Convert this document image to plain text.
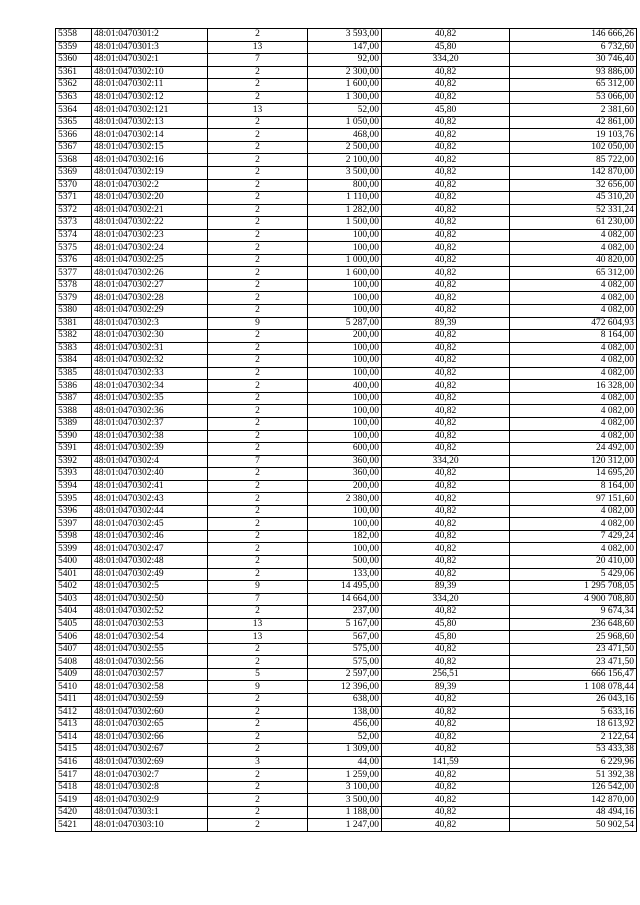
5358	48:01:0470301:2	2	3 593,00	40,82	146 666,26
5359	48:01:0470301:3	13	147,00	45,80	6 732,60
5360	48:01:0470302:1	7	92,00	334,20	30 746,40
5361	48:01:0470302:10	2	2 300,00	40,82	93 886,00
5362	48:01:0470302:11	2	1 600,00	40,82	65 312,00
5363	48:01:0470302:12	2	1 300,00	40,82	53 066,00
5364	48:01:0470302:121	13	52,00	45,80	2 381,60
5365	48:01:0470302:13	2	1 050,00	40,82	42 861,00
5366	48:01:0470302:14	2	468,00	40,82	19 103,76
5367	48:01:0470302:15	2	2 500,00	40,82	102 050,00
5368	48:01:0470302:16	2	2 100,00	40,82	85 722,00
5369	48:01:0470302:19	2	3 500,00	40,82	142 870,00
5370	48:01:0470302:2	2	800,00	40,82	32 656,00
5371	48:01:0470302:20	2	1 110,00	40,82	45 310,20
5372	48:01:0470302:21	2	1 282,00	40,82	52 331,24
5373	48:01:0470302:22	2	1 500,00	40,82	61 230,00
5374	48:01:0470302:23	2	100,00	40,82	4 082,00
5375	48:01:0470302:24	2	100,00	40,82	4 082,00
5376	48:01:0470302:25	2	1 000,00	40,82	40 820,00
5377	48:01:0470302:26	2	1 600,00	40,82	65 312,00
5378	48:01:0470302:27	2	100,00	40,82	4 082,00
5379	48:01:0470302:28	2	100,00	40,82	4 082,00
5380	48:01:0470302:29	2	100,00	40,82	4 082,00
5381	48:01:0470302:3	9	5 287,00	89,39	472 604,93
5382	48:01:0470302:30	2	200,00	40,82	8 164,00
5383	48:01:0470302:31	2	100,00	40,82	4 082,00
5384	48:01:0470302:32	2	100,00	40,82	4 082,00
5385	48:01:0470302:33	2	100,00	40,82	4 082,00
5386	48:01:0470302:34	2	400,00	40,82	16 328,00
5387	48:01:0470302:35	2	100,00	40,82	4 082,00
5388	48:01:0470302:36	2	100,00	40,82	4 082,00
5389	48:01:0470302:37	2	100,00	40,82	4 082,00
5390	48:01:0470302:38	2	100,00	40,82	4 082,00
5391	48:01:0470302:39	2	600,00	40,82	24 492,00
5392	48:01:0470302:4	7	360,00	334,20	120 312,00
5393	48:01:0470302:40	2	360,00	40,82	14 695,20
5394	48:01:0470302:41	2	200,00	40,82	8 164,00
5395	48:01:0470302:43	2	2 380,00	40,82	97 151,60
5396	48:01:0470302:44	2	100,00	40,82	4 082,00
5397	48:01:0470302:45	2	100,00	40,82	4 082,00
5398	48:01:0470302:46	2	182,00	40,82	7 429,24
5399	48:01:0470302:47	2	100,00	40,82	4 082,00
5400	48:01:0470302:48	2	500,00	40,82	20 410,00
5401	48:01:0470302:49	2	133,00	40,82	5 429,06
5402	48:01:0470302:5	9	14 495,00	89,39	1 295 708,05
5403	48:01:0470302:50	7	14 664,00	334,20	4 900 708,80
5404	48:01:0470302:52	2	237,00	40,82	9 674,34
5405	48:01:0470302:53	13	5 167,00	45,80	236 648,60
5406	48:01:0470302:54	13	567,00	45,80	25 968,60
5407	48:01:0470302:55	2	575,00	40,82	23 471,50
5408	48:01:0470302:56	2	575,00	40,82	23 471,50
5409	48:01:0470302:57	5	2 597,00	256,51	666 156,47
5410	48:01:0470302:58	9	12 396,00	89,39	1 108 078,44
5411	48:01:0470302:59	2	638,00	40,82	26 043,16
5412	48:01:0470302:60	2	138,00	40,82	5 633,16
5413	48:01:0470302:65	2	456,00	40,82	18 613,92
5414	48:01:0470302:66	2	52,00	40,82	2 122,64
5415	48:01:0470302:67	2	1 309,00	40,82	53 433,38
5416	48:01:0470302:69	3	44,00	141,59	6 229,96
5417	48:01:0470302:7	2	1 259,00	40,82	51 392,38
5418	48:01:0470302:8	2	3 100,00	40,82	126 542,00
5419	48:01:0470302:9	2	3 500,00	40,82	142 870,00
5420	48:01:0470303:1	2	1 188,00	40,82	48 494,16
5421	48:01:0470303:10	2	1 247,00	40,82	50 902,54
